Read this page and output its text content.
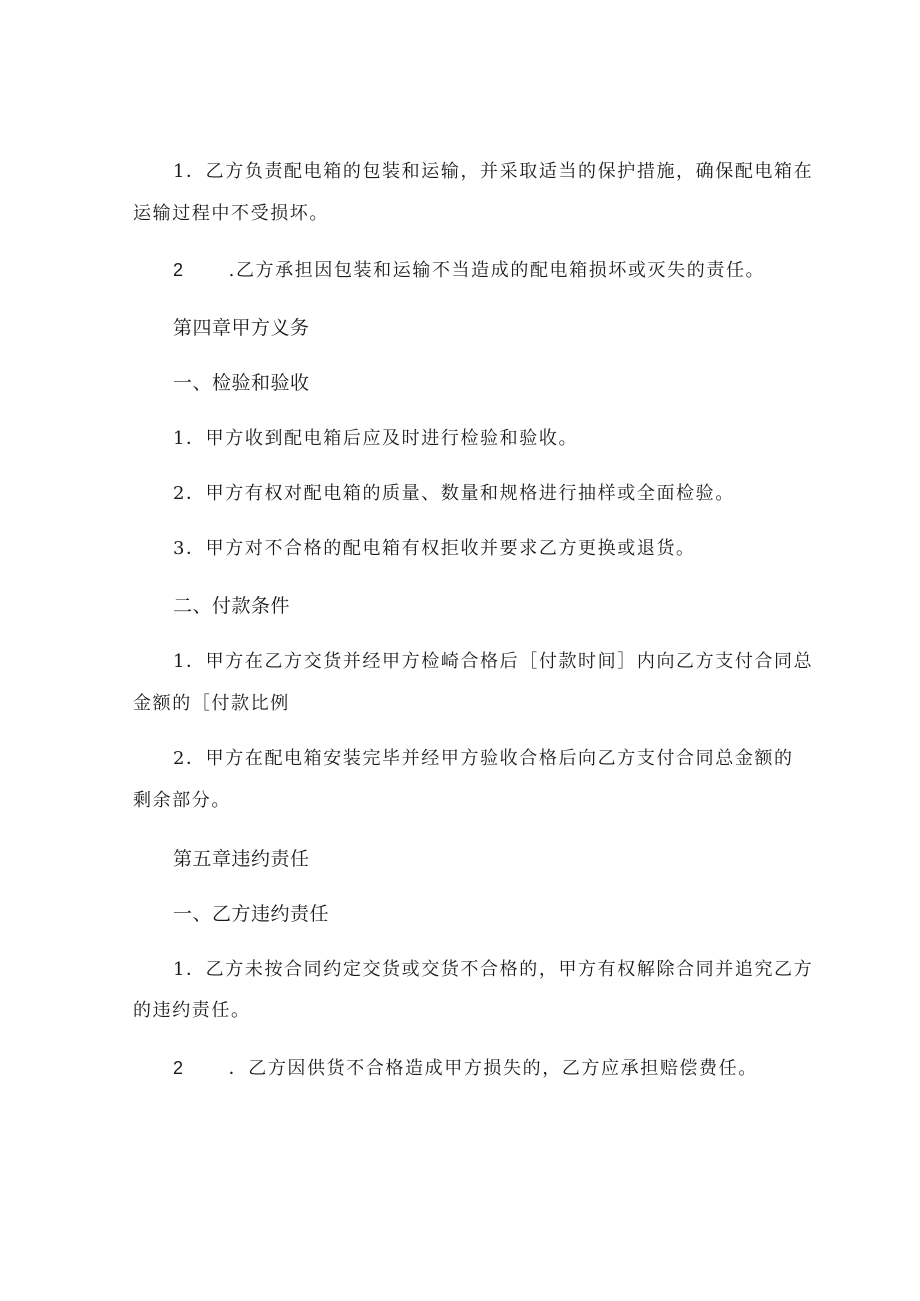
1．乙方负责配电箱的包装和运输，并采取适当的保护措施，确保配电箱在
运输过程中不受损坏。
2 .乙方承担因包装和运输不当造成的配电箱损坏或灭失的责任。
第四章甲方义务
一、检验和验收
1．甲方收到配电箱后应及时进行检验和验收。
2．甲方有权对配电箱的质量、数量和规格进行抽样或全面检验。
3．甲方对不合格的配电箱有权拒收并要求乙方更换或退货。
二、付款条件
1．甲方在乙方交货并经甲方检崎合格后［付款时间］内向乙方支付合同总
金额的［付款比例
2．甲方在配电箱安装完毕并经甲方验收合格后向乙方支付合同总金额的
剩余部分。
第五章违约责任
一、乙方违约责任
1．乙方未按合同约定交货或交货不合格的，甲方有权解除合同并追究乙方
的违约责任。
2 ．乙方因供货不合格造成甲方损失的，乙方应承担赔偿费任。
